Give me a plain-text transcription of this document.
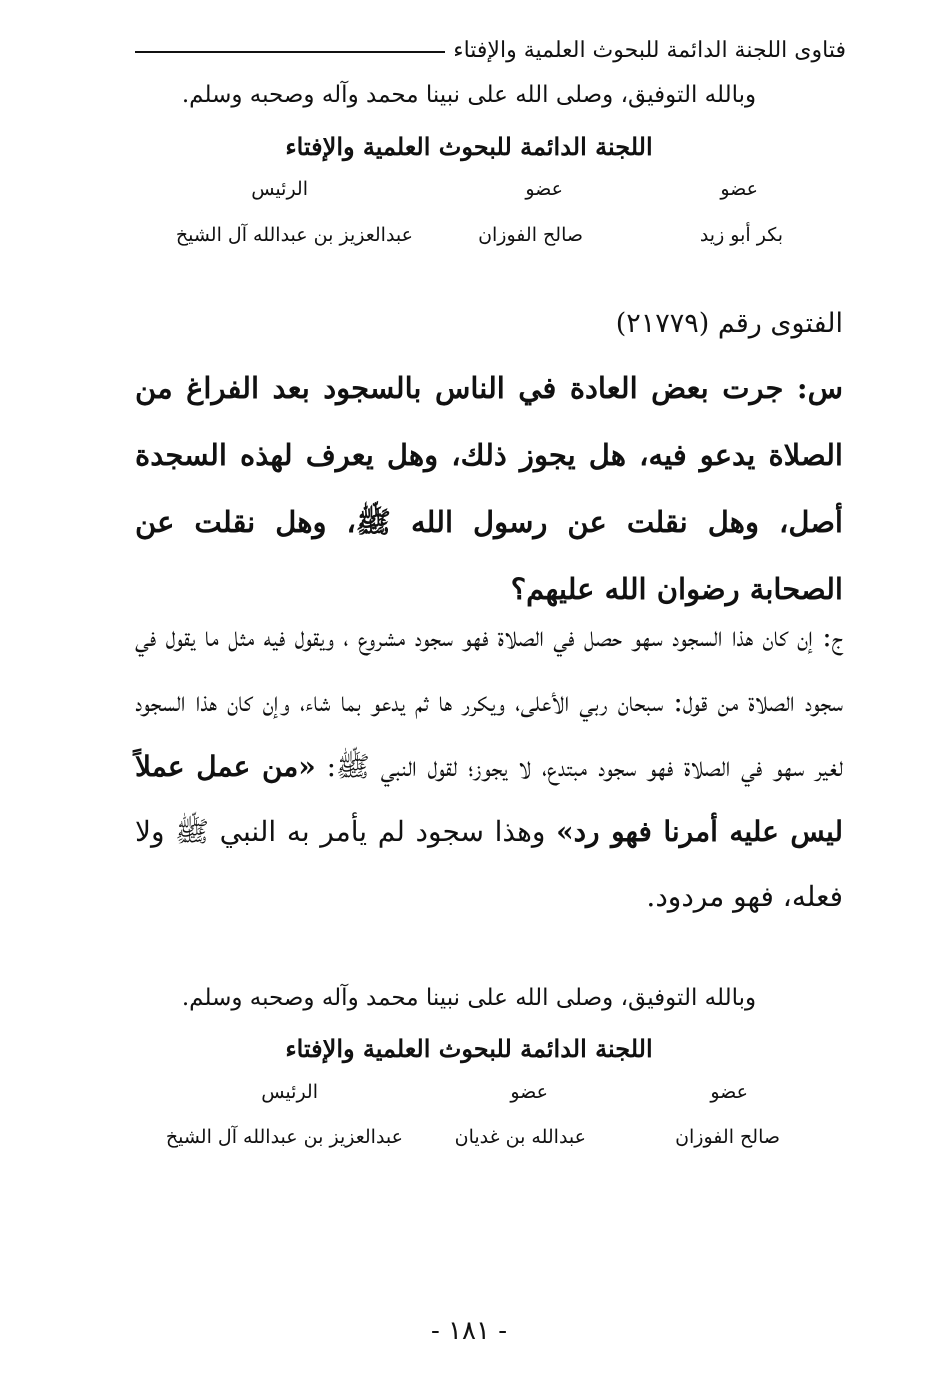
فتاوى اللجنة الدائمة للبحوث العلمية والإفتاء
وبالله التوفيق، وصلى الله على نبينا محمد وآله وصحبه وسلم.
اللجنة الدائمة للبحوث العلمية والإفتاء
عضو
عضو
الرئيس
بكر أبو زيد
صالح الفوزان
عبدالعزيز بن عبدالله آل الشيخ
الفتوى رقم (٢١٧٧٩)
س: جرت بعض العادة في الناس بالسجود بعد الفراغ من الصلاة يدعو فيه، هل يجوز ذلك، وهل يعرف لهذه السجدة أصل، وهل نقلت عن رسول الله ﷺ، وهل نقلت عن الصحابة رضوان الله عليهم؟
ج: إن كان هذا السجود سهو حصل في الصلاة فهو سجود مشروع ، ويقول فيه مثل ما يقول في سجود الصلاة من قول: سبحان ربي الأعلى، ويكرر ها ثم يدعو بما شاء، وإن كان هذا السجود لغير سهو في الصلاة فهو سجود مبتدع، لا يجوز؛ لقول النبي ﷺ: «من عمل عملاً ليس عليه أمرنا فهو رد» وهذا سجود لم يأمر به النبي ﷺ ولا فعله، فهو مردود.
وبالله التوفيق، وصلى الله على نبينا محمد وآله وصحبه وسلم.
اللجنة الدائمة للبحوث العلمية والإفتاء
عضو
عضو
الرئيس
صالح الفوزان
عبدالله بن غديان
عبدالعزيز بن عبدالله آل الشيخ
- ١٨١ -
